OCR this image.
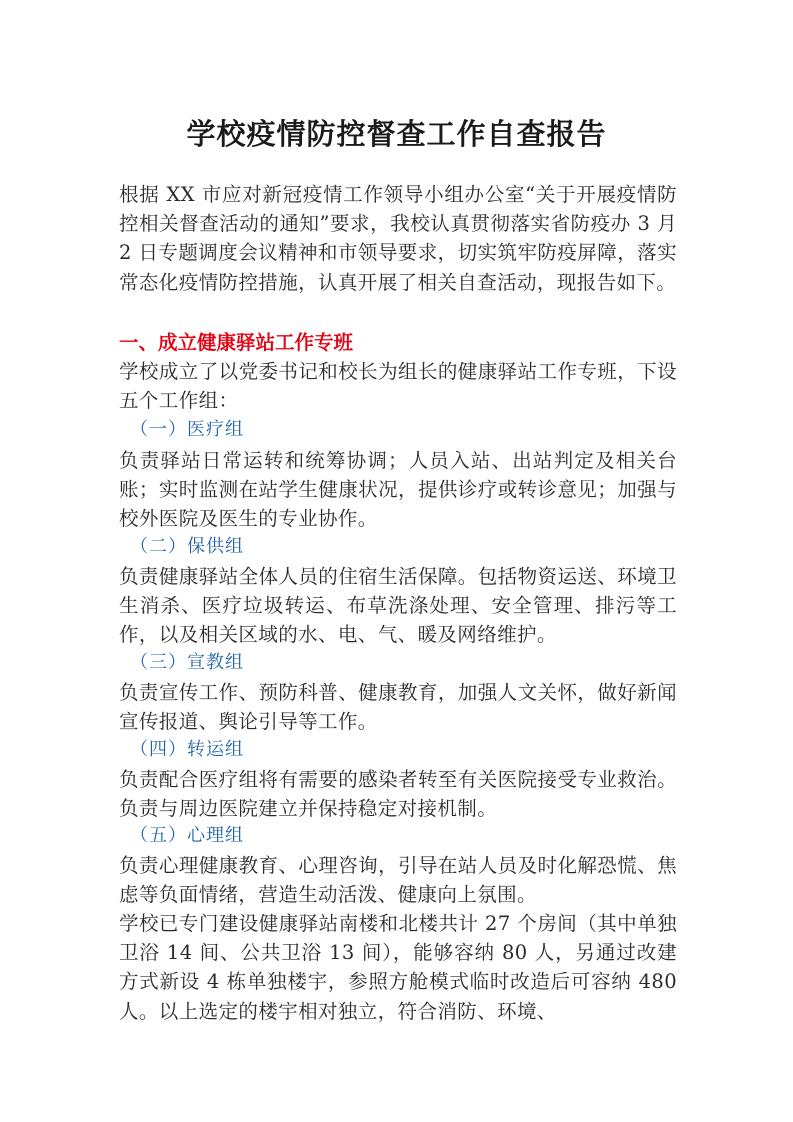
学校疫情防控督查工作自查报告
根据 XX 市应对新冠疫情工作领导小组办公室“关于开展疫情防控相关督查活动的通知”要求，我校认真贯彻落实省防疫办 3 月 2 日专题调度会议精神和市领导要求，切实筑牢防疫屏障，落实常态化疫情防控措施，认真开展了相关自查活动，现报告如下。
一、成立健康驿站工作专班
学校成立了以党委书记和校长为组长的健康驿站工作专班，下设五个工作组：
（一）医疗组
负责驿站日常运转和统筹协调；人员入站、出站判定及相关台账；实时监测在站学生健康状况，提供诊疗或转诊意见；加强与校外医院及医生的专业协作。
（二）保供组
负责健康驿站全体人员的住宿生活保障。包括物资运送、环境卫生消杀、医疗垃圾转运、布草洗涤处理、安全管理、排污等工作，以及相关区域的水、电、气、暖及网络维护。
（三）宣教组
负责宣传工作、预防科普、健康教育，加强人文关怀，做好新闻宣传报道、舆论引导等工作。
（四）转运组
负责配合医疗组将有需要的感染者转至有关医院接受专业救治。负责与周边医院建立并保持稳定对接机制。
（五）心理组
负责心理健康教育、心理咨询，引导在站人员及时化解恐慌、焦虑等负面情绪，营造生动活泼、健康向上氛围。
学校已专门建设健康驿站南楼和北楼共计 27 个房间（其中单独卫浴 14 间、公共卫浴 13 间），能够容纳 80 人，另通过改建方式新设 4 栋单独楼宇，参照方舱模式临时改造后可容纳 480 人。以上选定的楼宇相对独立，符合消防、环境、
